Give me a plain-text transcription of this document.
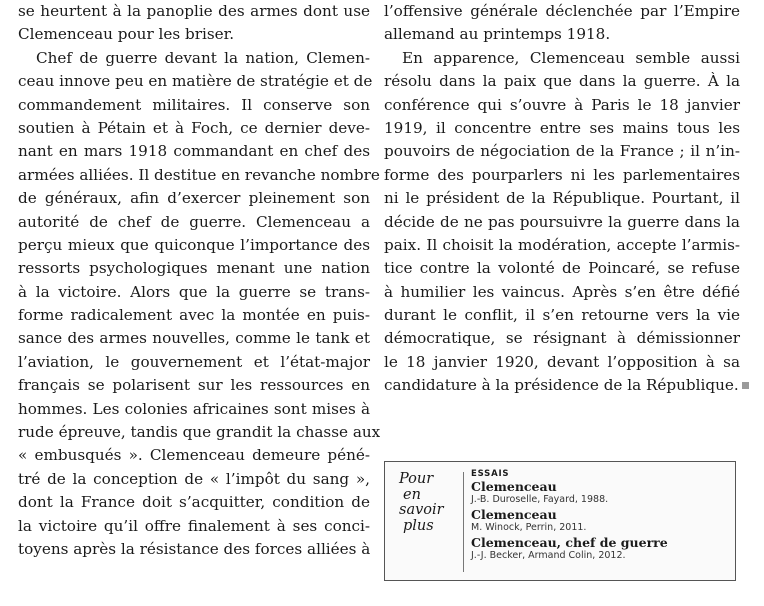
se heurtent à la panoplie des armes dont use

Clemenceau pour les briser.

Chef de guerre devant la nation, Clemen-

ceau innove peu en matière de stratégie et de

commandement militaires. Il conserve son

soutien à Pétain et à Foch, ce dernier deve-

nant en mars 1918 commandant en chef des

armées alliées. Il destitue en revanche nombre

de généraux, afin d’exercer pleinement son

autorité de chef de guerre. Clemenceau a

perçu mieux que quiconque l’importance des

ressorts psychologiques menant une nation

à la victoire. Alors que la guerre se trans-

forme radicalement avec la montée en puis-

sance des armes nouvelles, comme le tank et

l’aviation, le gouvernement et l’état-major

français se polarisent sur les ressources en

hommes. Les colonies africaines sont mises à

rude épreuve, tandis que grandit la chasse aux

« embusqués ». Clemenceau demeure péné-

tré de la conception de « l’impôt du sang »,

dont la France doit s’acquitter, condition de

la victoire qu’il offre finalement à ses conci-

toyens après la résistance des forces alliées à

l’offensive générale déclenchée par l’Empire

allemand au printemps 1918.

En apparence, Clemenceau semble aussi

résolu dans la paix que dans la guerre. À la

conférence qui s’ouvre à Paris le 18 janvier

1919, il concentre entre ses mains tous les

pouvoirs de négociation de la France ; il n’in-

forme des pourparlers ni les parlementaires

ni le président de la République. Pourtant, il

décide de ne pas poursuivre la guerre dans la

paix. Il choisit la modération, accepte l’armis-

tice contre la volonté de Poincaré, se refuse

à humilier les vaincus. Après s’en être défié

durant le conflit, il s’en retourne vers la vie

démocratique, se résignant à démissionner

le 18 janvier 1920, devant l’opposition à sa

candidature à la présidence de la République.

Pour
en
savoir
plus
ESSAIS
Clemenceau
J.-B. Duroselle, Fayard, 1988.
Clemenceau
M. Winock, Perrin, 2011.
Clemenceau, chef de guerre
J.-J. Becker, Armand Colin, 2012.
